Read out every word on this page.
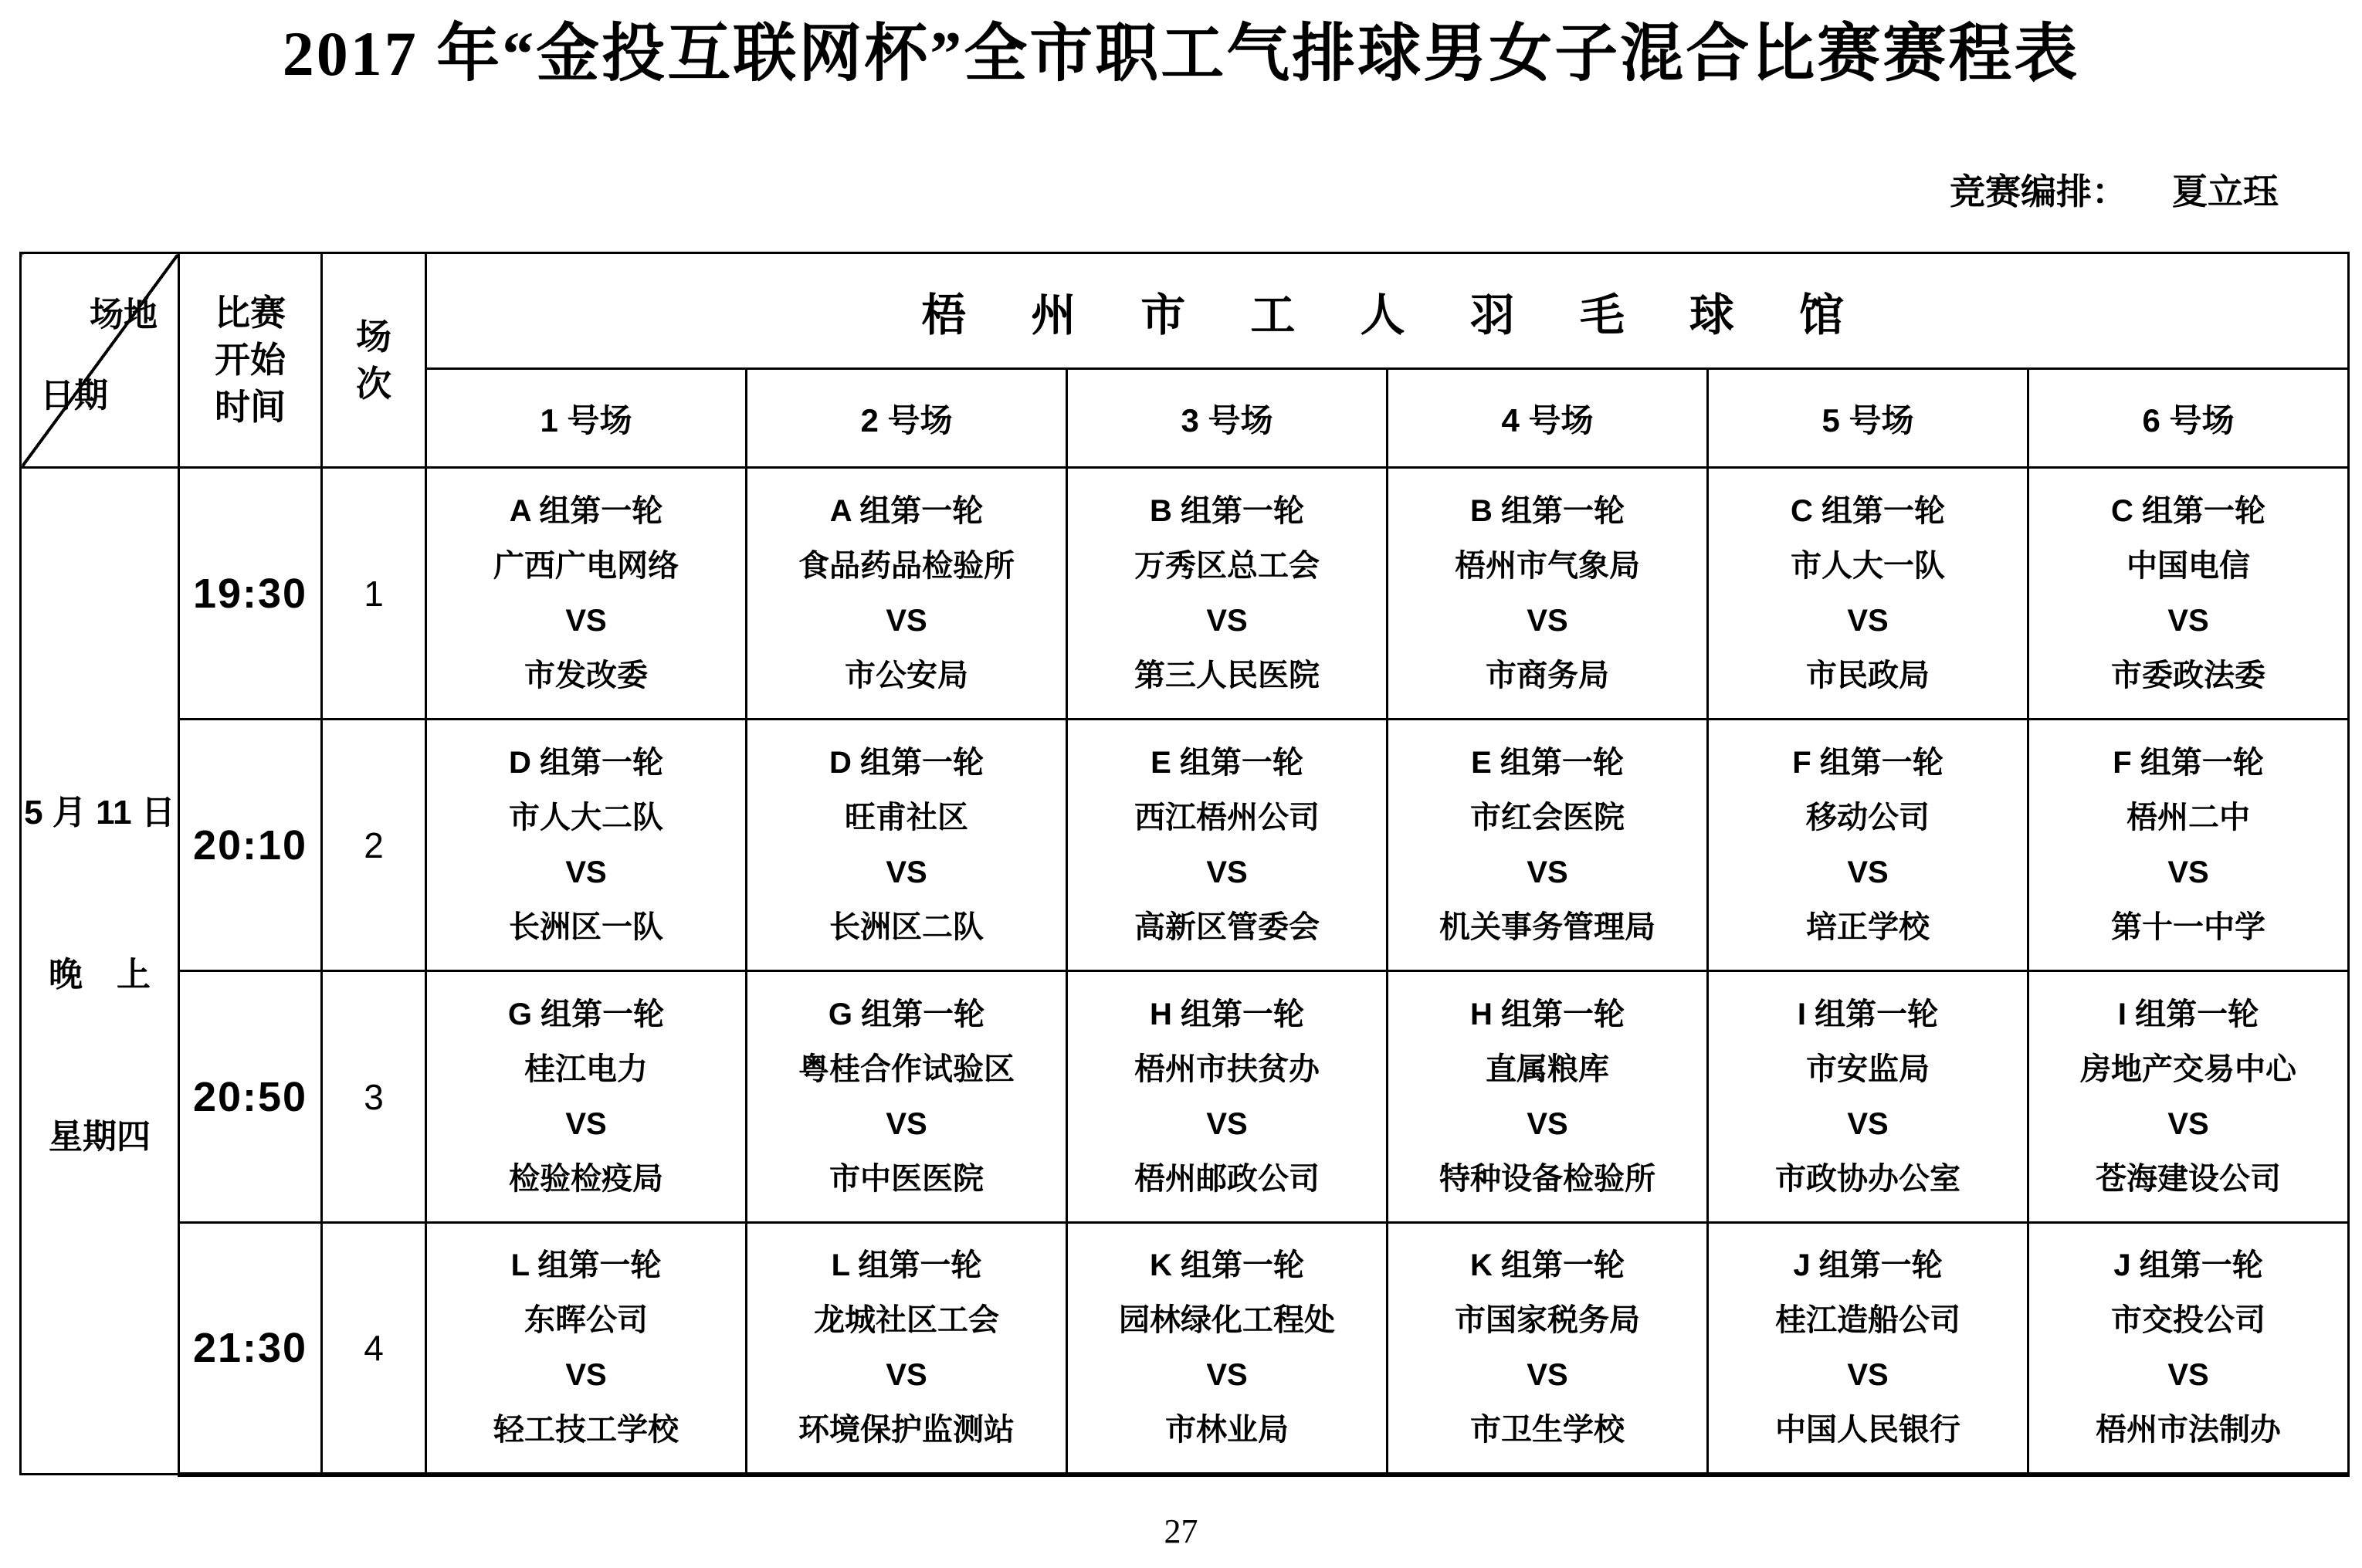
2017 年“金投互联网杯”全市职工气排球男女子混合比赛赛程表
竞赛编排： 夏立珏
场地
日期

比赛
开始
时间

场
次
	梧 州 市 工 人 羽 毛 球 馆
			1 号场	2 号场	3 号场	4 号场	5 号场	6 号场

5 月 11 日
晚　上
星期四	19:30	1	A 组第一轮
广西广电网络
VS
市发改委	A 组第一轮
食品药品检验所
VS
市公安局	B 组第一轮
万秀区总工会
VS
第三人民医院	B 组第一轮
梧州市气象局
VS
市商务局	C 组第一轮
市人大一队
VS
市民政局	C 组第一轮
中国电信
VS
市委政法委

	20:10	2	D 组第一轮
市人大二队
VS
长洲区一队	D 组第一轮
旺甫社区
VS
长洲区二队	E 组第一轮
西江梧州公司
VS
高新区管委会	E 组第一轮
市红会医院
VS
机关事务管理局	F 组第一轮
移动公司
VS
培正学校	F 组第一轮
梧州二中
VS
第十一中学

	20:50	3	G 组第一轮
桂江电力
VS
检验检疫局	G 组第一轮
粤桂合作试验区
VS
市中医医院	H 组第一轮
梧州市扶贫办
VS
梧州邮政公司	H 组第一轮
直属粮库
VS
特种设备检验所	I 组第一轮
市安监局
VS
市政协办公室	I 组第一轮
房地产交易中心
VS
苍海建设公司

	21:30	4	L 组第一轮
东晖公司
VS
轻工技工学校	L 组第一轮
龙城社区工会
VS
环境保护监测站	K 组第一轮
园林绿化工程处
VS
市林业局	K 组第一轮
市国家税务局
VS
市卫生学校	J 组第一轮
桂江造船公司
VS
中国人民银行	J 组第一轮
市交投公司
VS
梧州市法制办
27
